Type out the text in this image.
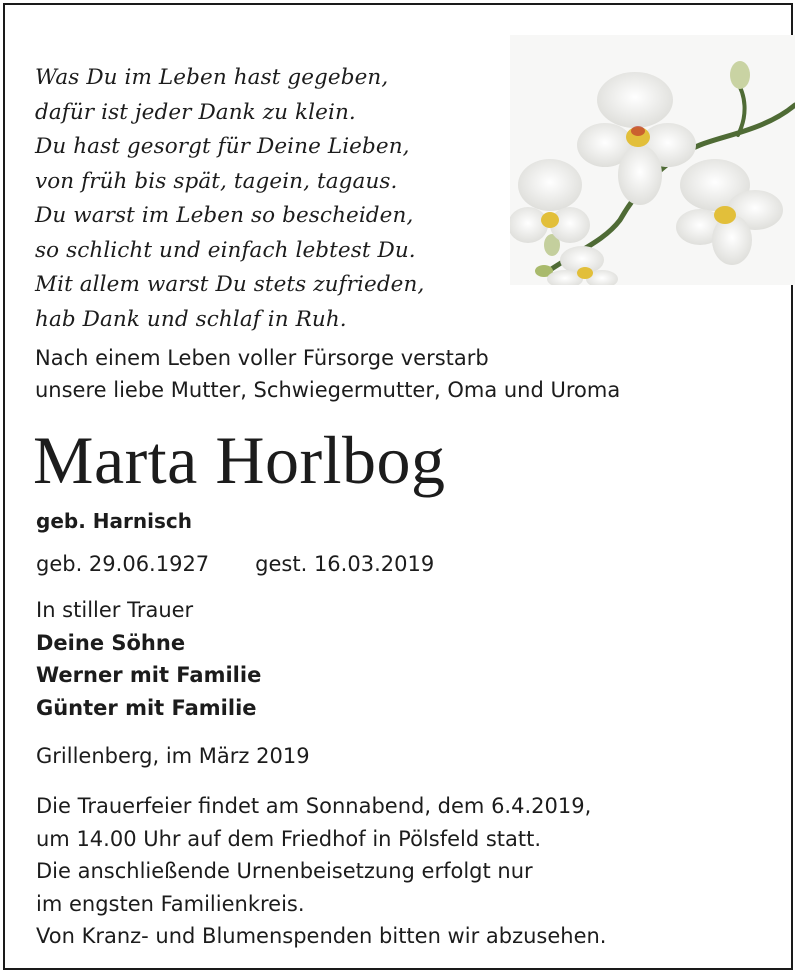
Was Du im Leben hast gegeben,
dafür ist jeder Dank zu klein.
Du hast gesorgt für Deine Lieben,
von früh bis spät, tagein, tagaus.
Du warst im Leben so bescheiden,
so schlicht und einfach lebtest Du.
Mit allem warst Du stets zufrieden,
hab Dank und schlaf in Ruh.
Nach einem Leben voller Fürsorge verstarb
unsere liebe Mutter, Schwiegermutter, Oma und Uroma
Marta Horlbog
geb. Harnisch
geb. 29.06.1927 gest. 16.03.2019
In stiller Trauer
Deine Söhne
Werner mit Familie
Günter mit Familie
Grillenberg, im März 2019
Die Trauerfeier findet am Sonnabend, dem 6.4.2019,
um 14.00 Uhr auf dem Friedhof in Pölsfeld statt.
Die anschließende Urnenbeisetzung erfolgt nur
im engsten Familienkreis.
Von Kranz- und Blumenspenden bitten wir abzusehen.
